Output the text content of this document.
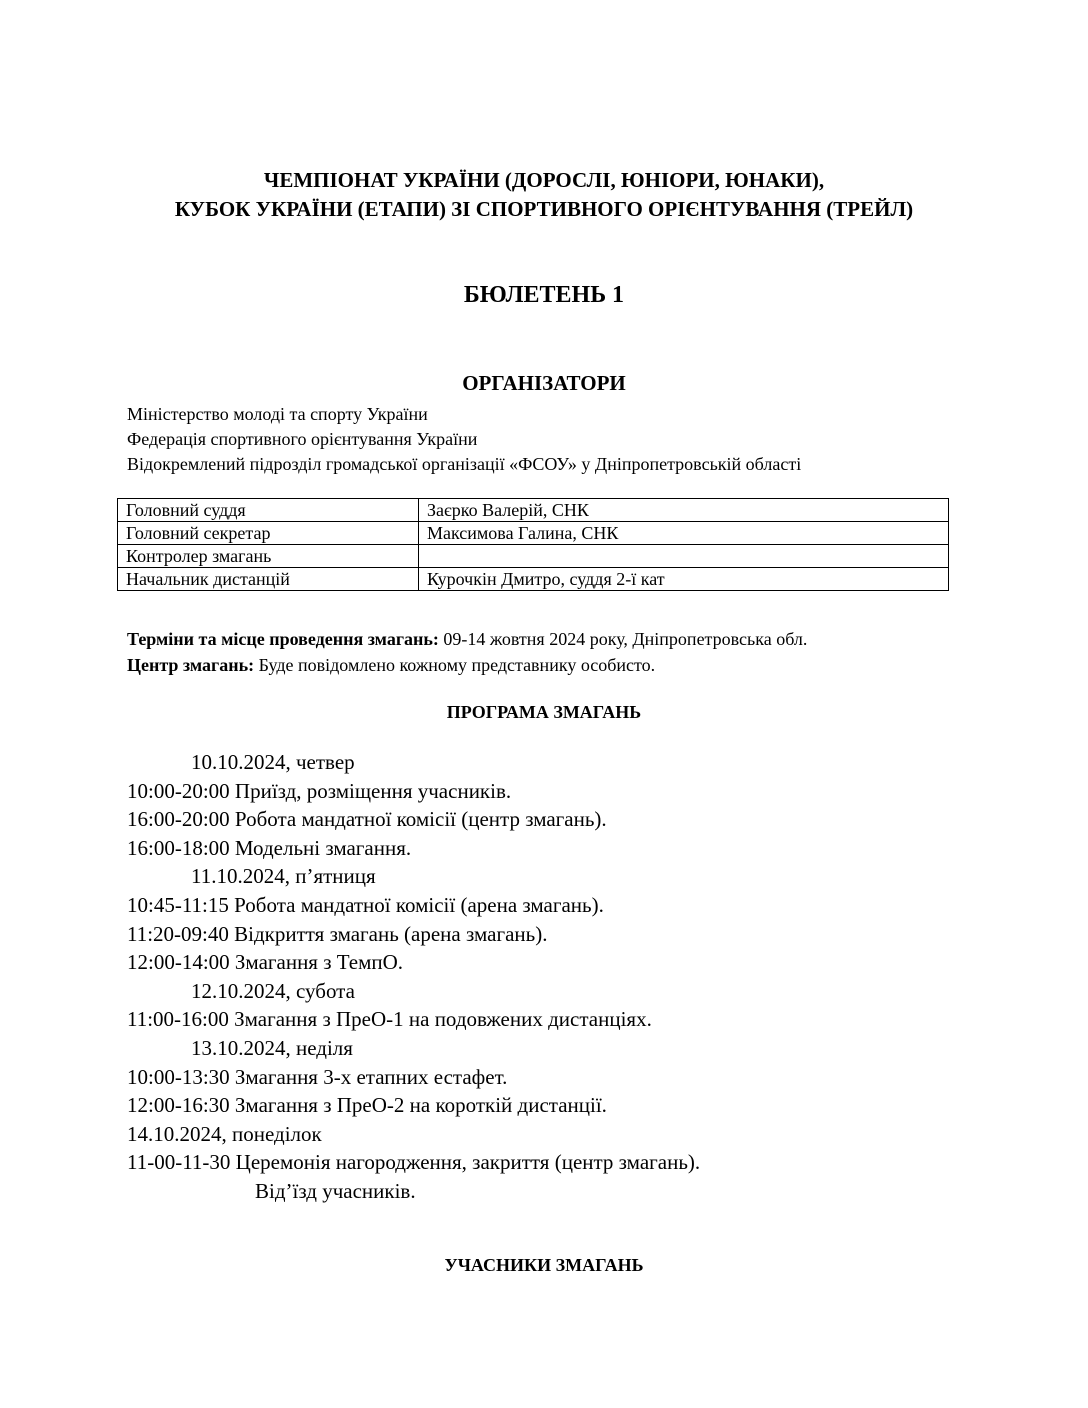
ЧЕМПІОНАТ УКРАЇНИ (ДОРОСЛІ, ЮНІОРИ, ЮНАКИ),
КУБОК УКРАЇНИ (ЕТАПИ) ЗІ СПОРТИВНОГО ОРІЄНТУВАННЯ (ТРЕЙЛ)
БЮЛЕТЕНЬ 1
ОРГАНІЗАТОРИ
Міністерство молоді та спорту України
Федерація спортивного орієнтування України
Відокремлений підрозділ громадської організації «ФСОУ» у Дніпропетровській області
Головний суддя	Заєрко Валерій, СНК
Головний секретар	Максимова Галина, СНК
Контролер змагань	
Начальник дистанцій	Курочкін Дмитро, суддя 2-ї кат
Терміни та місце проведення змагань: 09-14 жовтня 2024 року, Дніпропетровська обл.
Центр змагань: Буде повідомлено кожному представнику особисто.
ПРОГРАМА ЗМАГАНЬ
10.10.2024, четвер
10:00-20:00 Приїзд, розміщення учасників.
16:00-20:00 Робота мандатної комісії (центр змагань).
16:00-18:00 Модельні змагання.
11.10.2024, п’ятниця
10:45-11:15 Робота мандатної комісії (арена змагань).
11:20-09:40 Відкриття змагань (арена змагань).
12:00-14:00 Змагання з ТемпО.
12.10.2024, субота
11:00-16:00 Змагання з ПреО-1 на подовжених дистанціях.
13.10.2024, неділя
10:00-13:30 Змагання 3-х етапних естафет.
12:00-16:30 Змагання з ПреО-2 на короткій дистанції.
14.10.2024, понеділок
11-00-11-30 Церемонія нагородження, закриття (центр змагань).
Від’їзд учасників.
УЧАСНИКИ ЗМАГАНЬ
